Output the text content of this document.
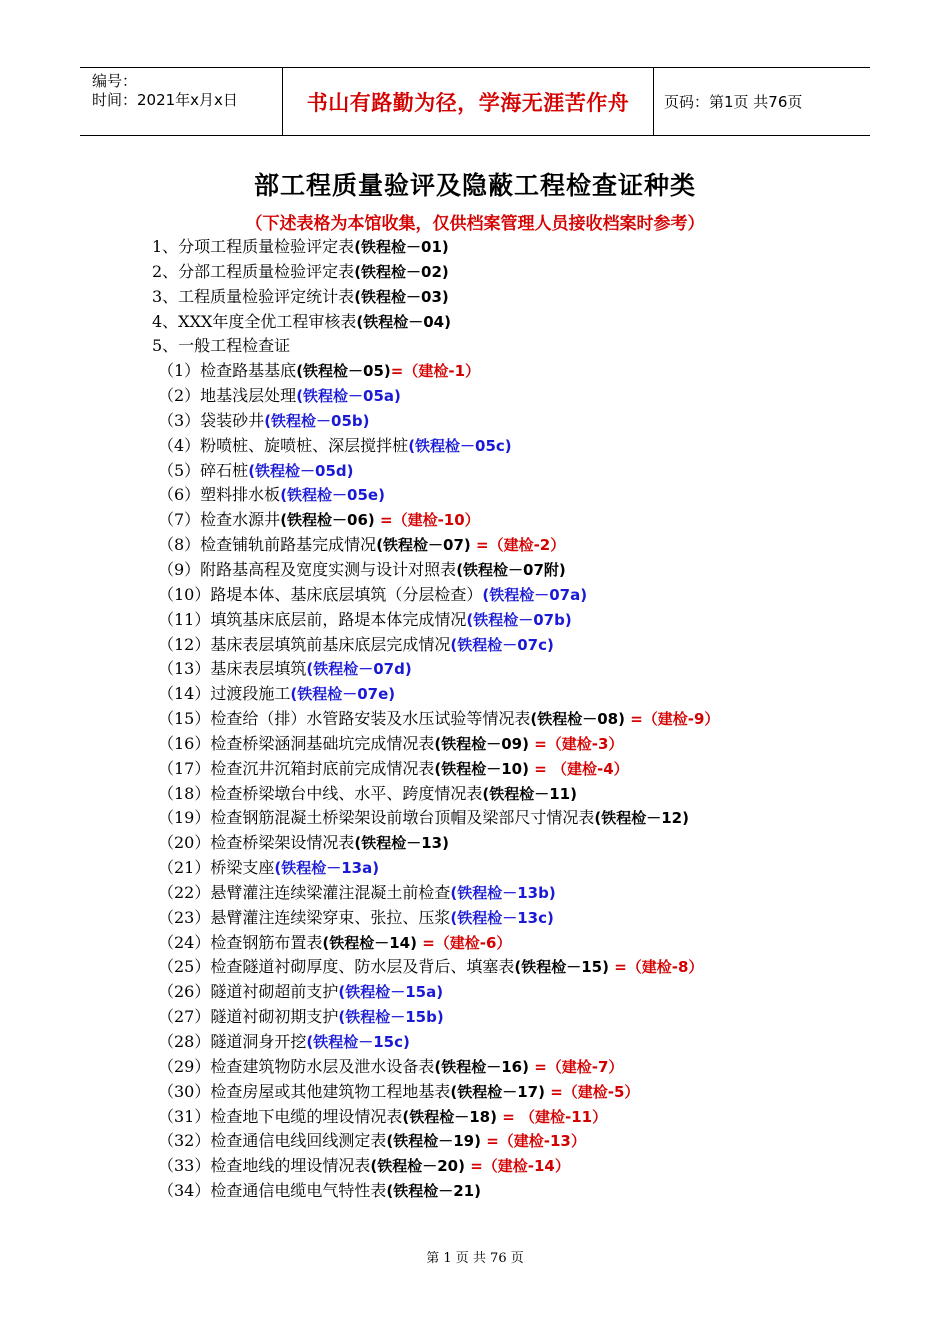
编号：
时间：2021年x月x日	书山有路勤为径，学海无涯苦作舟 页码：第1页 共76页
部工程质量验评及隐蔽工程检查证种类
（下述表格为本馆收集，仅供档案管理人员接收档案时参考）
1、分项工程质量检验评定表(铁程检－01)
2、分部工程质量检验评定表(铁程检－02)
3、工程质量检验评定统计表(铁程检－03)
4、XXX年度全优工程审核表(铁程检－04)
5、一般工程检查证
（1）检查路基基底(铁程检－05)=（建检-1）
（2）地基浅层处理(铁程检－05a)
（3）袋装砂井(铁程检－05b)
（4）粉喷桩、旋喷桩、深层搅拌桩(铁程检－05c)
（5）碎石桩(铁程检－05d)
（6）塑料排水板(铁程检－05e)
（7）检查水源井(铁程检－06) =（建检-10）
（8）检查铺轨前路基完成情况(铁程检－07) =（建检-2）
（9）附路基高程及宽度实测与设计对照表(铁程检－07附)
（10）路堤本体、基床底层填筑（分层检查）(铁程检－07a)
（11）填筑基床底层前，路堤本体完成情况(铁程检－07b)
（12）基床表层填筑前基床底层完成情况(铁程检－07c)
（13）基床表层填筑(铁程检－07d)
（14）过渡段施工(铁程检－07e)
（15）检查给（排）水管路安装及水压试验等情况表(铁程检－08) =（建检-9）
（16）检查桥梁涵洞基础坑完成情况表(铁程检－09) =（建检-3）
（17）检查沉井沉箱封底前完成情况表(铁程检－10) = （建检-4）
（18）检查桥梁墩台中线、水平、跨度情况表(铁程检－11)
（19）检查钢筋混凝土桥梁架设前墩台顶帽及梁部尺寸情况表(铁程检－12)
（20）检查桥梁架设情况表(铁程检－13)
（21）桥梁支座(铁程检－13a)
（22）悬臂灌注连续梁灌注混凝土前检查(铁程检－13b)
（23）悬臂灌注连续梁穿束、张拉、压浆(铁程检－13c)
（24）检查钢筋布置表(铁程检－14) =（建检-6）
（25）检查隧道衬砌厚度、防水层及背后、填塞表(铁程检－15) =（建检-8）
（26）隧道衬砌超前支护(铁程检－15a)
（27）隧道衬砌初期支护(铁程检－15b)
（28）隧道洞身开挖(铁程检－15c)
（29）检查建筑物防水层及泄水设备表(铁程检－16) =（建检-7）
（30）检查房屋或其他建筑物工程地基表(铁程检－17) =（建检-5）
（31）检查地下电缆的埋设情况表(铁程检－18) = （建检-11）
（32）检查通信电线回线测定表(铁程检－19) =（建检-13）
（33）检查地线的埋设情况表(铁程检－20) =（建检-14）
（34）检查通信电缆电气特性表(铁程检－21)
第 1 页 共 76 页
